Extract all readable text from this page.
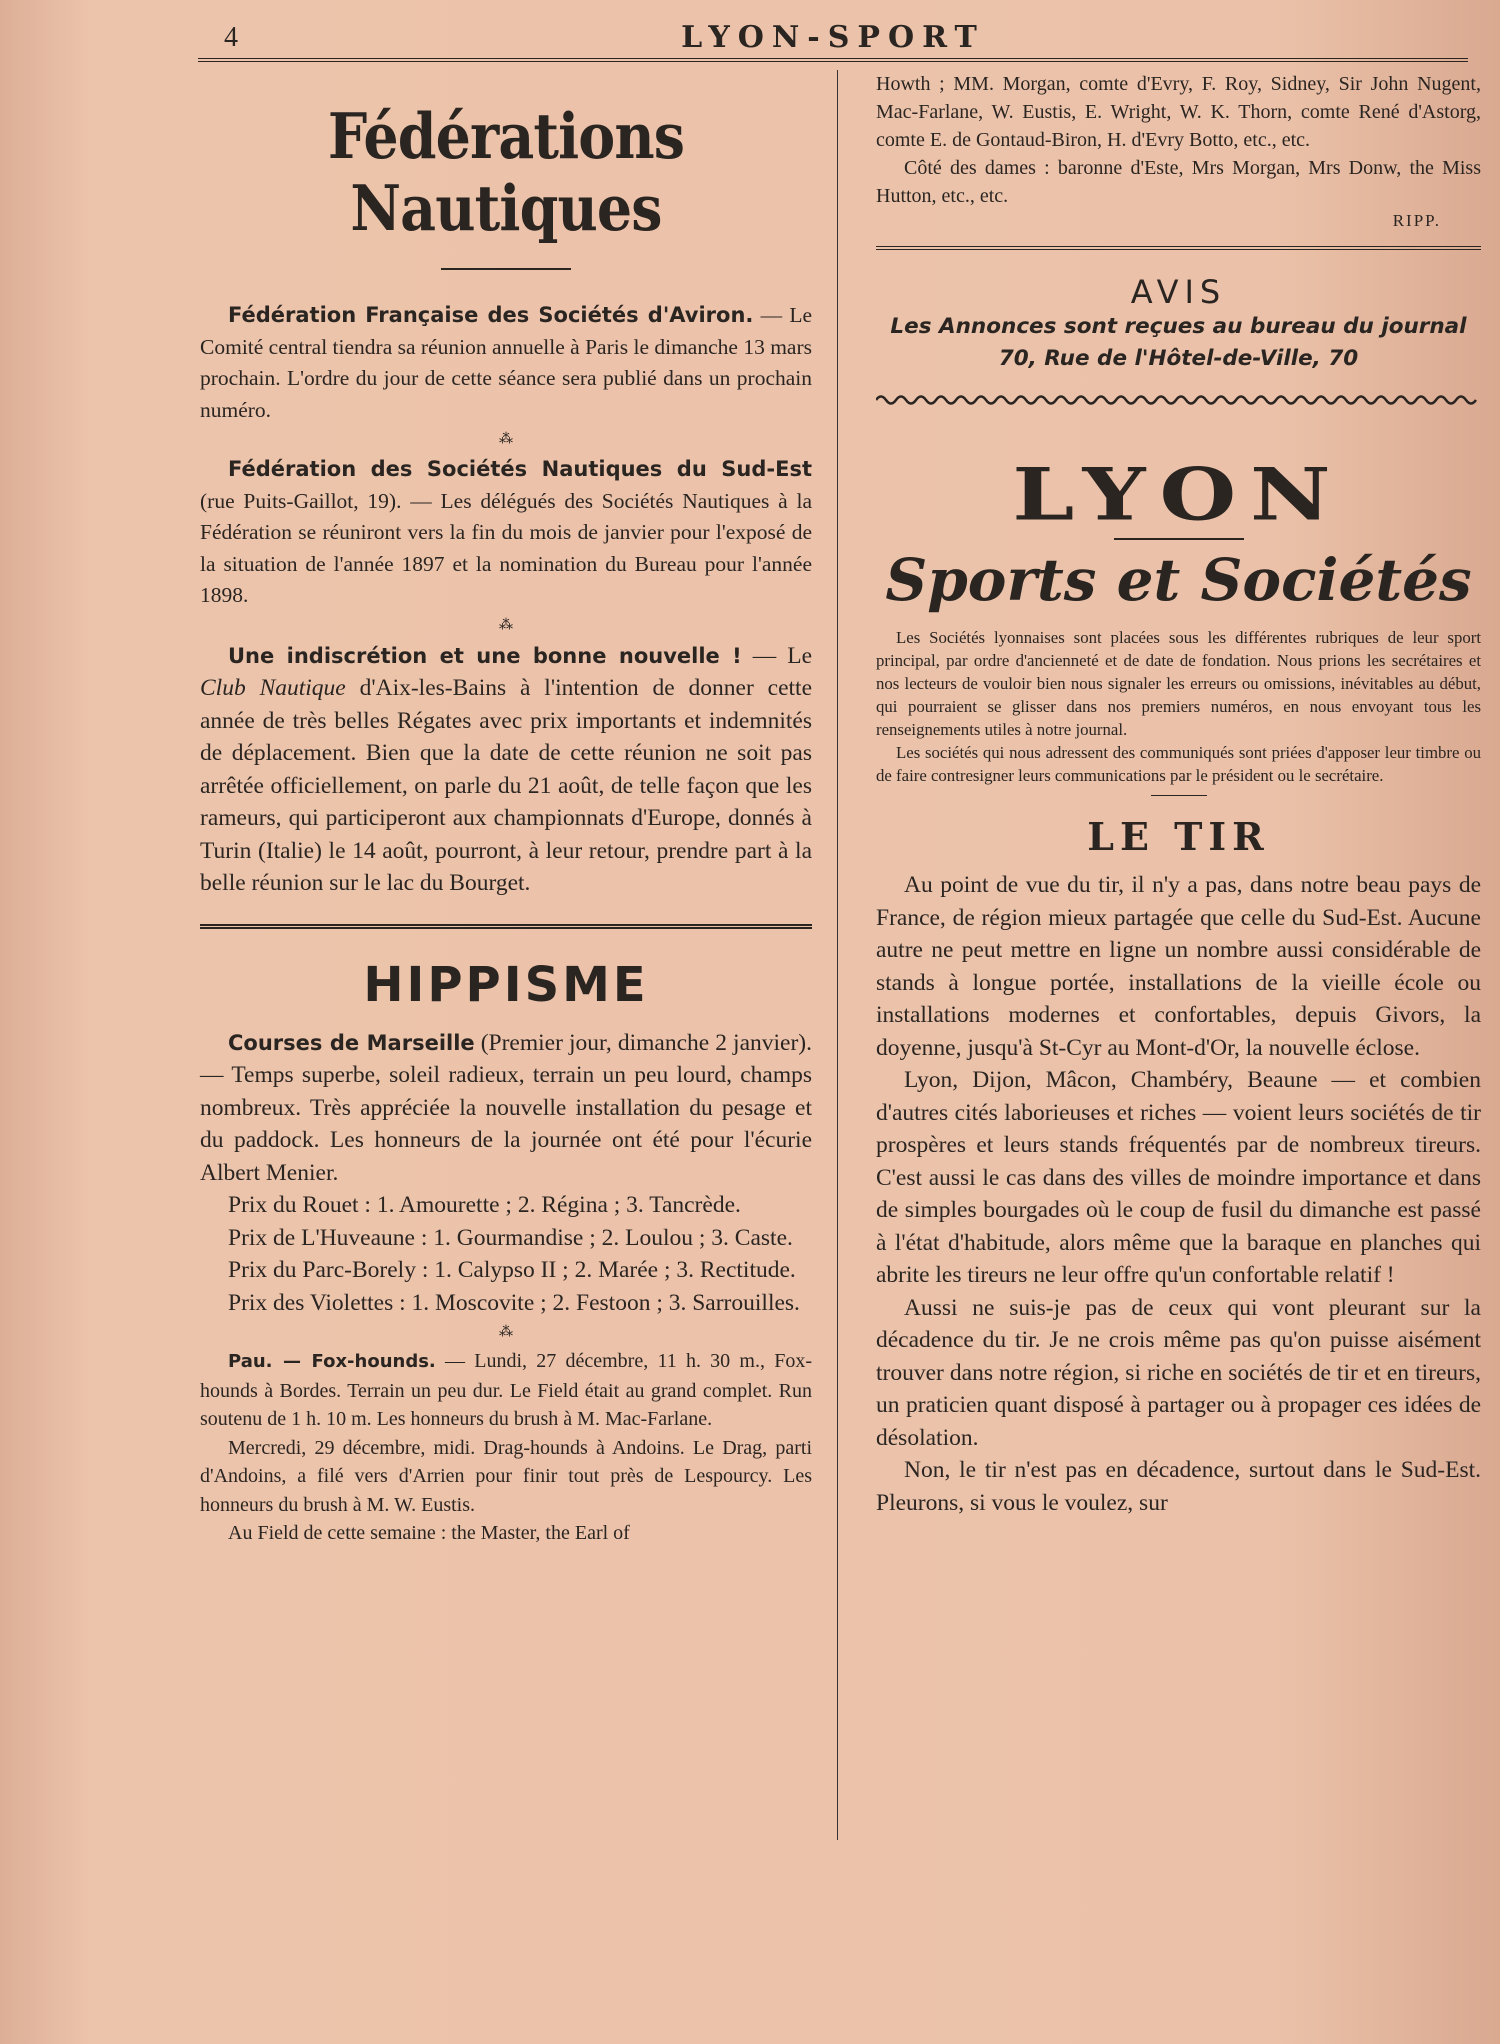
4	LYON-SPORT
Fédérations Nautiques

Fédération Française des Sociétés d'Aviron. — Le Comité central tiendra sa réunion annuelle à Paris le dimanche 13 mars prochain. L'ordre du jour de cette séance sera publié dans un prochain numéro.

⁂

Fédération des Sociétés Nautiques du Sud-Est (rue Puits-Gaillot, 19). — Les délégués des Sociétés Nautiques à la Fédération se réuniront vers la fin du mois de janvier pour l'exposé de la situation de l'année 1897 et la nomination du Bureau pour l'année 1898.

⁂

Une indiscrétion et une bonne nouvelle ! — Le Club Nautique d'Aix-les-Bains à l'intention de donner cette année de très belles Régates avec prix importants et indemnités de déplacement. Bien que la date de cette réunion ne soit pas arrêtée officiellement, on parle du 21 août, de telle façon que les rameurs, qui participeront aux championnats d'Europe, donnés à Turin (Italie) le 14 août, pourront, à leur retour, prendre part à la belle réunion sur le lac du Bourget.

HIPPISME

Courses de Marseille (Premier jour, dimanche 2 janvier). — Temps superbe, soleil radieux, terrain un peu lourd, champs nombreux. Très appréciée la nouvelle installation du pesage et du paddock. Les honneurs de la journée ont été pour l'écurie Albert Menier.

Prix du Rouet : 1. Amourette ; 2. Régina ; 3. Tancrède.

Prix de L'Huveaune : 1. Gourmandise ; 2. Loulou ; 3. Caste.

Prix du Parc-Borely : 1. Calypso II ; 2. Marée ; 3. Rectitude.

Prix des Violettes : 1. Moscovite ; 2. Festoon ; 3. Sarrouilles.

⁂

Pau. — Fox-hounds. — Lundi, 27 décembre, 11 h. 30 m., Fox-hounds à Bordes. Terrain un peu dur. Le Field était au grand complet. Run soutenu de 1 h. 10 m. Les honneurs du brush à M. Mac-Farlane.

Mercredi, 29 décembre, midi. Drag-hounds à Andoins. Le Drag, parti d'Andoins, a filé vers d'Arrien pour finir tout près de Lespourcy. Les honneurs du brush à M. W. Eustis.

Au Field de cette semaine : the Master, the Earl of

Howth ; MM. Morgan, comte d'Evry, F. Roy, Sidney, Sir John Nugent, Mac-Farlane, W. Eustis, E. Wright, W. K. Thorn, comte René d'Astorg, comte E. de Gontaud-Biron, H. d'Evry Botto, etc., etc.

Côté des dames : baronne d'Este, Mrs Morgan, Mrs Donw, the Miss Hutton, etc., etc.

RIPP.

AVIS
Les Annonces sont reçues au bureau du journal
70, Rue de l'Hôtel-de-Ville, 70
LYON
Sports et Sociétés

Les Sociétés lyonnaises sont placées sous les différentes rubriques de leur sport principal, par ordre d'ancienneté et de date de fondation. Nous prions les secrétaires et nos lecteurs de vouloir bien nous signaler les erreurs ou omissions, inévitables au début, qui pourraient se glisser dans nos premiers numéros, en nous envoyant tous les renseignements utiles à notre journal.

Les sociétés qui nous adressent des communiqués sont priées d'apposer leur timbre ou de faire contresigner leurs communications par le président ou le secrétaire.

LE TIR

Au point de vue du tir, il n'y a pas, dans notre beau pays de France, de région mieux partagée que celle du Sud-Est. Aucune autre ne peut mettre en ligne un nombre aussi considérable de stands à longue portée, installations de la vieille école ou installations modernes et confortables, depuis Givors, la doyenne, jusqu'à St-Cyr au Mont-d'Or, la nouvelle éclose.

Lyon, Dijon, Mâcon, Chambéry, Beaune — et combien d'autres cités laborieuses et riches — voient leurs sociétés de tir prospères et leurs stands fréquentés par de nombreux tireurs. C'est aussi le cas dans des villes de moindre importance et dans de simples bourgades où le coup de fusil du dimanche est passé à l'état d'habitude, alors même que la baraque en planches qui abrite les tireurs ne leur offre qu'un confortable relatif !

Aussi ne suis-je pas de ceux qui vont pleurant sur la décadence du tir. Je ne crois même pas qu'on puisse aisément trouver dans notre région, si riche en sociétés de tir et en tireurs, un praticien quant disposé à partager ou à propager ces idées de désolation.

Non, le tir n'est pas en décadence, surtout dans le Sud-Est. Pleurons, si vous le voulez, sur
